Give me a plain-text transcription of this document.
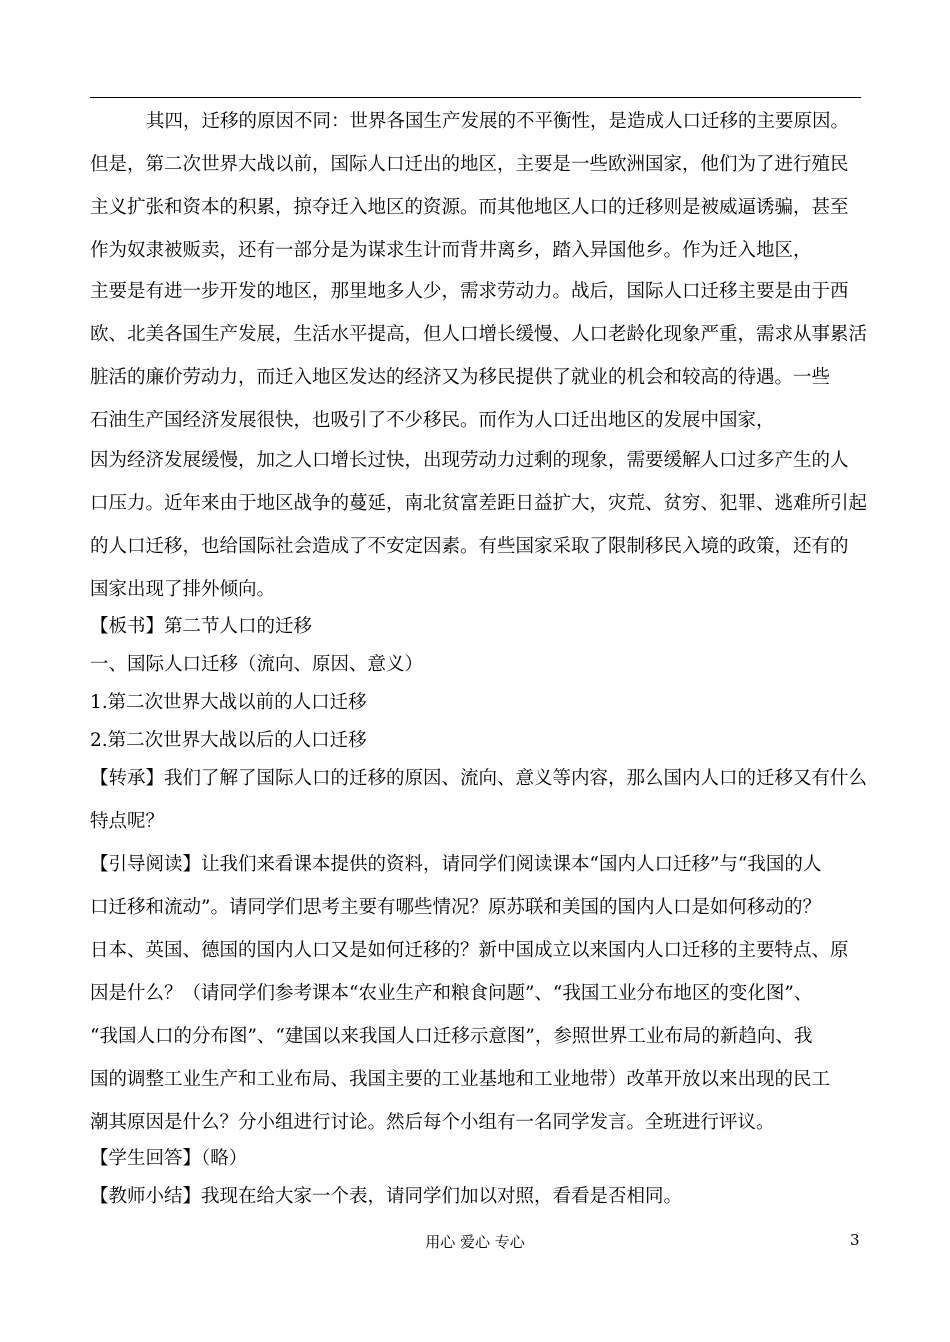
其四，迁移的原因不同：世界各国生产发展的不平衡性，是造成人口迁移的主要原因。
但是，第二次世界大战以前，国际人口迁出的地区，主要是一些欧洲国家，他们为了进行殖民
主义扩张和资本的积累，掠夺迁入地区的资源。而其他地区人口的迁移则是被威逼诱骗，甚至
作为奴隶被贩卖，还有一部分是为谋求生计而背井离乡，踏入异国他乡。作为迁入地区，
主要是有进一步开发的地区，那里地多人少，需求劳动力。战后，国际人口迁移主要是由于西
欧、北美各国生产发展，生活水平提高，但人口增长缓慢、人口老龄化现象严重，需求从事累活
脏活的廉价劳动力，而迁入地区发达的经济又为移民提供了就业的机会和较高的待遇。一些
石油生产国经济发展很快，也吸引了不少移民。而作为人口迁出地区的发展中国家，
因为经济发展缓慢，加之人口增长过快，出现劳动力过剩的现象，需要缓解人口过多产生的人
口压力。近年来由于地区战争的蔓延，南北贫富差距日益扩大，灾荒、贫穷、犯罪、逃难所引起
的人口迁移，也给国际社会造成了不安定因素。有些国家采取了限制移民入境的政策，还有的
国家出现了排外倾向。
【板书】第二节人口的迁移
一、国际人口迁移（流向、原因、意义）
1.第二次世界大战以前的人口迁移
2.第二次世界大战以后的人口迁移
【转承】我们了解了国际人口的迁移的原因、流向、意义等内容，那么国内人口的迁移又有什么
特点呢？
【引导阅读】让我们来看课本提供的资料，请同学们阅读课本“国内人口迁移”与“我国的人
口迁移和流动”。请同学们思考主要有哪些情况？原苏联和美国的国内人口是如何移动的？
日本、英国、德国的国内人口又是如何迁移的？新中国成立以来国内人口迁移的主要特点、原
因是什么？（请同学们参考课本“农业生产和粮食问题”、“我国工业分布地区的变化图”、
“我国人口的分布图”、“建国以来我国人口迁移示意图”，参照世界工业布局的新趋向、我
国的调整工业生产和工业布局、我国主要的工业基地和工业地带）改革开放以来出现的民工
潮其原因是什么？分小组进行讨论。然后每个小组有一名同学发言。全班进行评议。
【学生回答】（略）
【教师小结】我现在给大家一个表，请同学们加以对照，看看是否相同。
用心 爱心 专心	3
